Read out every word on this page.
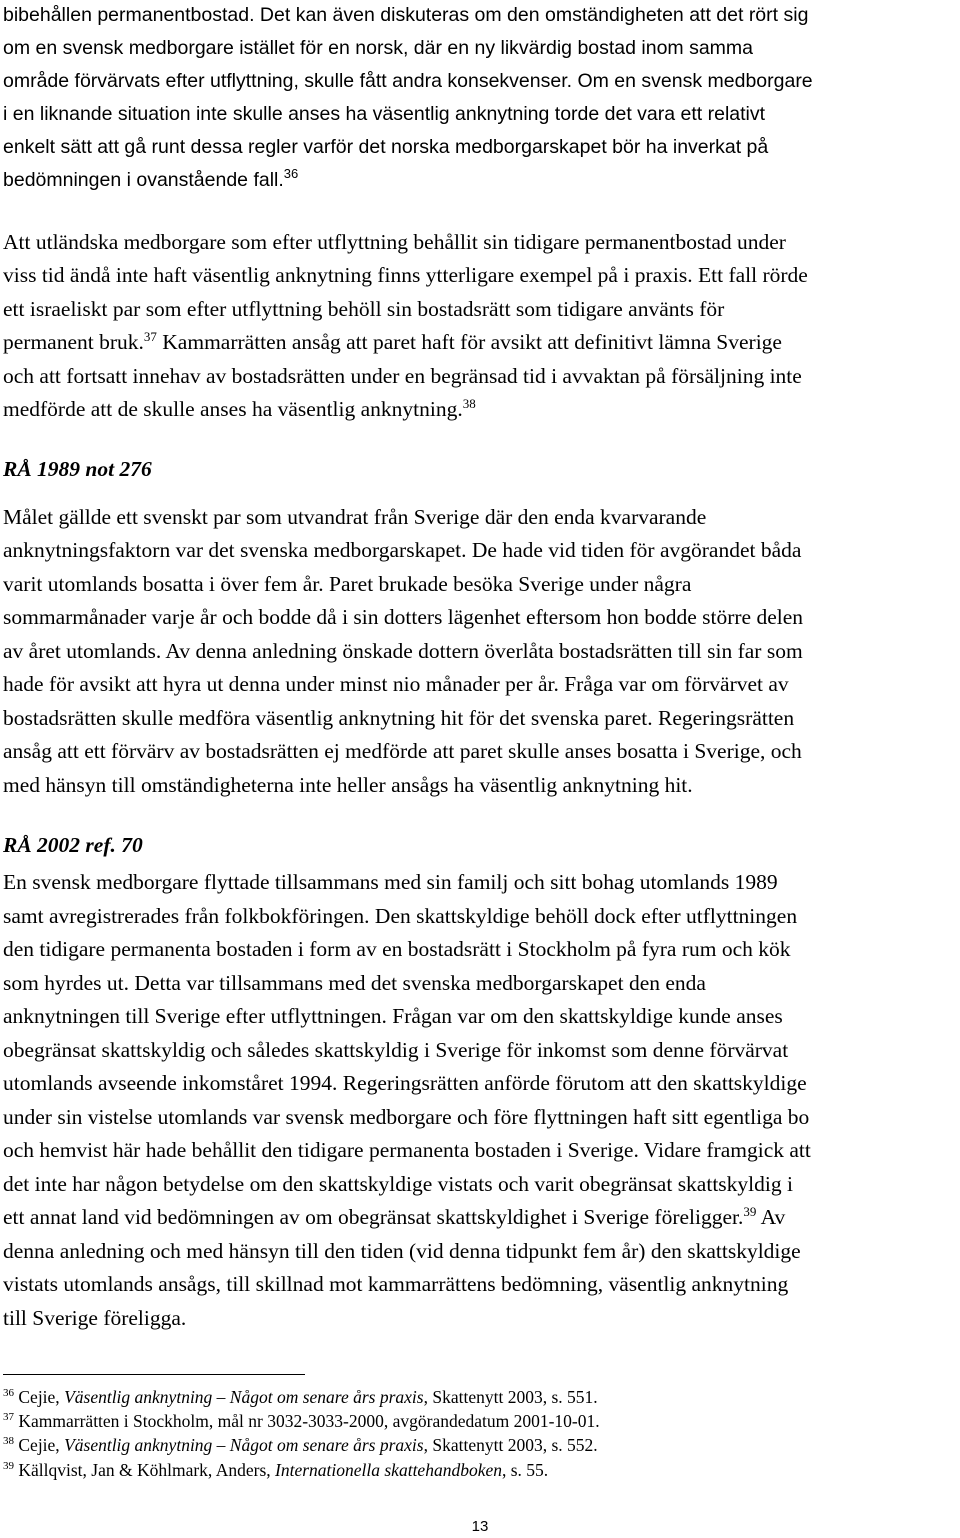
bibehållen permanentbostad. Det kan även diskuteras om den omständigheten att det rört sig
om en svensk medborgare istället för en norsk, där en ny likvärdig bostad inom samma
område förvärvats efter utflyttning, skulle fått andra konsekvenser. Om en svensk medborgare
i en liknande situation inte skulle anses ha väsentlig anknytning torde det vara ett relativt
enkelt sätt att gå runt dessa regler varför det norska medborgarskapet bör ha inverkat på
bedömningen i ovanstående fall.$^{36}$
Att utländska medborgare som efter utflyttning behållit sin tidigare permanentbostad under
viss tid ändå inte haft väsentlig anknytning finns ytterligare exempel på i praxis. Ett fall rörde
ett israeliskt par som efter utflyttning behöll sin bostadsrätt som tidigare använts för
permanent bruk.$^{37}$ Kammarrätten ansåg att paret haft för avsikt att definitivt lämna Sverige
och att fortsatt innehav av bostadsrätten under en begränsad tid i avvaktan på försäljning inte
medförde att de skulle anses ha väsentlig anknytning.$^{38}$
RÅ 1989 not 276
Målet gällde ett svenskt par som utvandrat från Sverige där den enda kvarvarande
anknytningsfaktorn var det svenska medborgarskapet. De hade vid tiden för avgörandet båda
varit utomlands bosatta i över fem år. Paret brukade besöka Sverige under några
sommarmånader varje år och bodde då i sin dotters lägenhet eftersom hon bodde större delen
av året utomlands. Av denna anledning önskade dottern överlåta bostadsrätten till sin far som
hade för avsikt att hyra ut denna under minst nio månader per år. Fråga var om förvärvet av
bostadsrätten skulle medföra väsentlig anknytning hit för det svenska paret. Regeringsrätten
ansåg att ett förvärv av bostadsrätten ej medförde att paret skulle anses bosatta i Sverige, och
med hänsyn till omständigheterna inte heller ansågs ha väsentlig anknytning hit.
RÅ 2002 ref. 70
En svensk medborgare flyttade tillsammans med sin familj och sitt bohag utomlands 1989
samt avregistrerades från folkbokföringen. Den skattskyldige behöll dock efter utflyttningen
den tidigare permanenta bostaden i form av en bostadsrätt i Stockholm på fyra rum och kök
som hyrdes ut. Detta var tillsammans med det svenska medborgarskapet den enda
anknytningen till Sverige efter utflyttningen. Frågan var om den skattskyldige kunde anses
obegränsat skattskyldig och således skattskyldig i Sverige för inkomst som denne förvärvat
utomlands avseende inkomståret 1994. Regeringsrätten anförde förutom att den skattskyldige
under sin vistelse utomlands var svensk medborgare och före flyttningen haft sitt egentliga bo
och hemvist här hade behållit den tidigare permanenta bostaden i Sverige. Vidare framgick att
det inte har någon betydelse om den skattskyldige vistats och varit obegränsat skattskyldig i
ett annat land vid bedömningen av om obegränsat skattskyldighet i Sverige föreligger.$^{39}$ Av
denna anledning och med hänsyn till den tiden (vid denna tidpunkt fem år) den skattskyldige
vistats utomlands ansågs, till skillnad mot kammarrättens bedömning, väsentlig anknytning
till Sverige föreligga.
$^{36}$ Cejie, Väsentlig anknytning – Något om senare års praxis, Skattenytt 2003, s. 551.
$^{37}$ Kammarrätten i Stockholm, mål nr 3032-3033-2000, avgörandedatum 2001-10-01.
$^{38}$ Cejie, Väsentlig anknytning – Något om senare års praxis, Skattenytt 2003, s. 552.
$^{39}$ Källqvist, Jan & Köhlmark, Anders, Internationella skattehandboken, s. 55.
13
